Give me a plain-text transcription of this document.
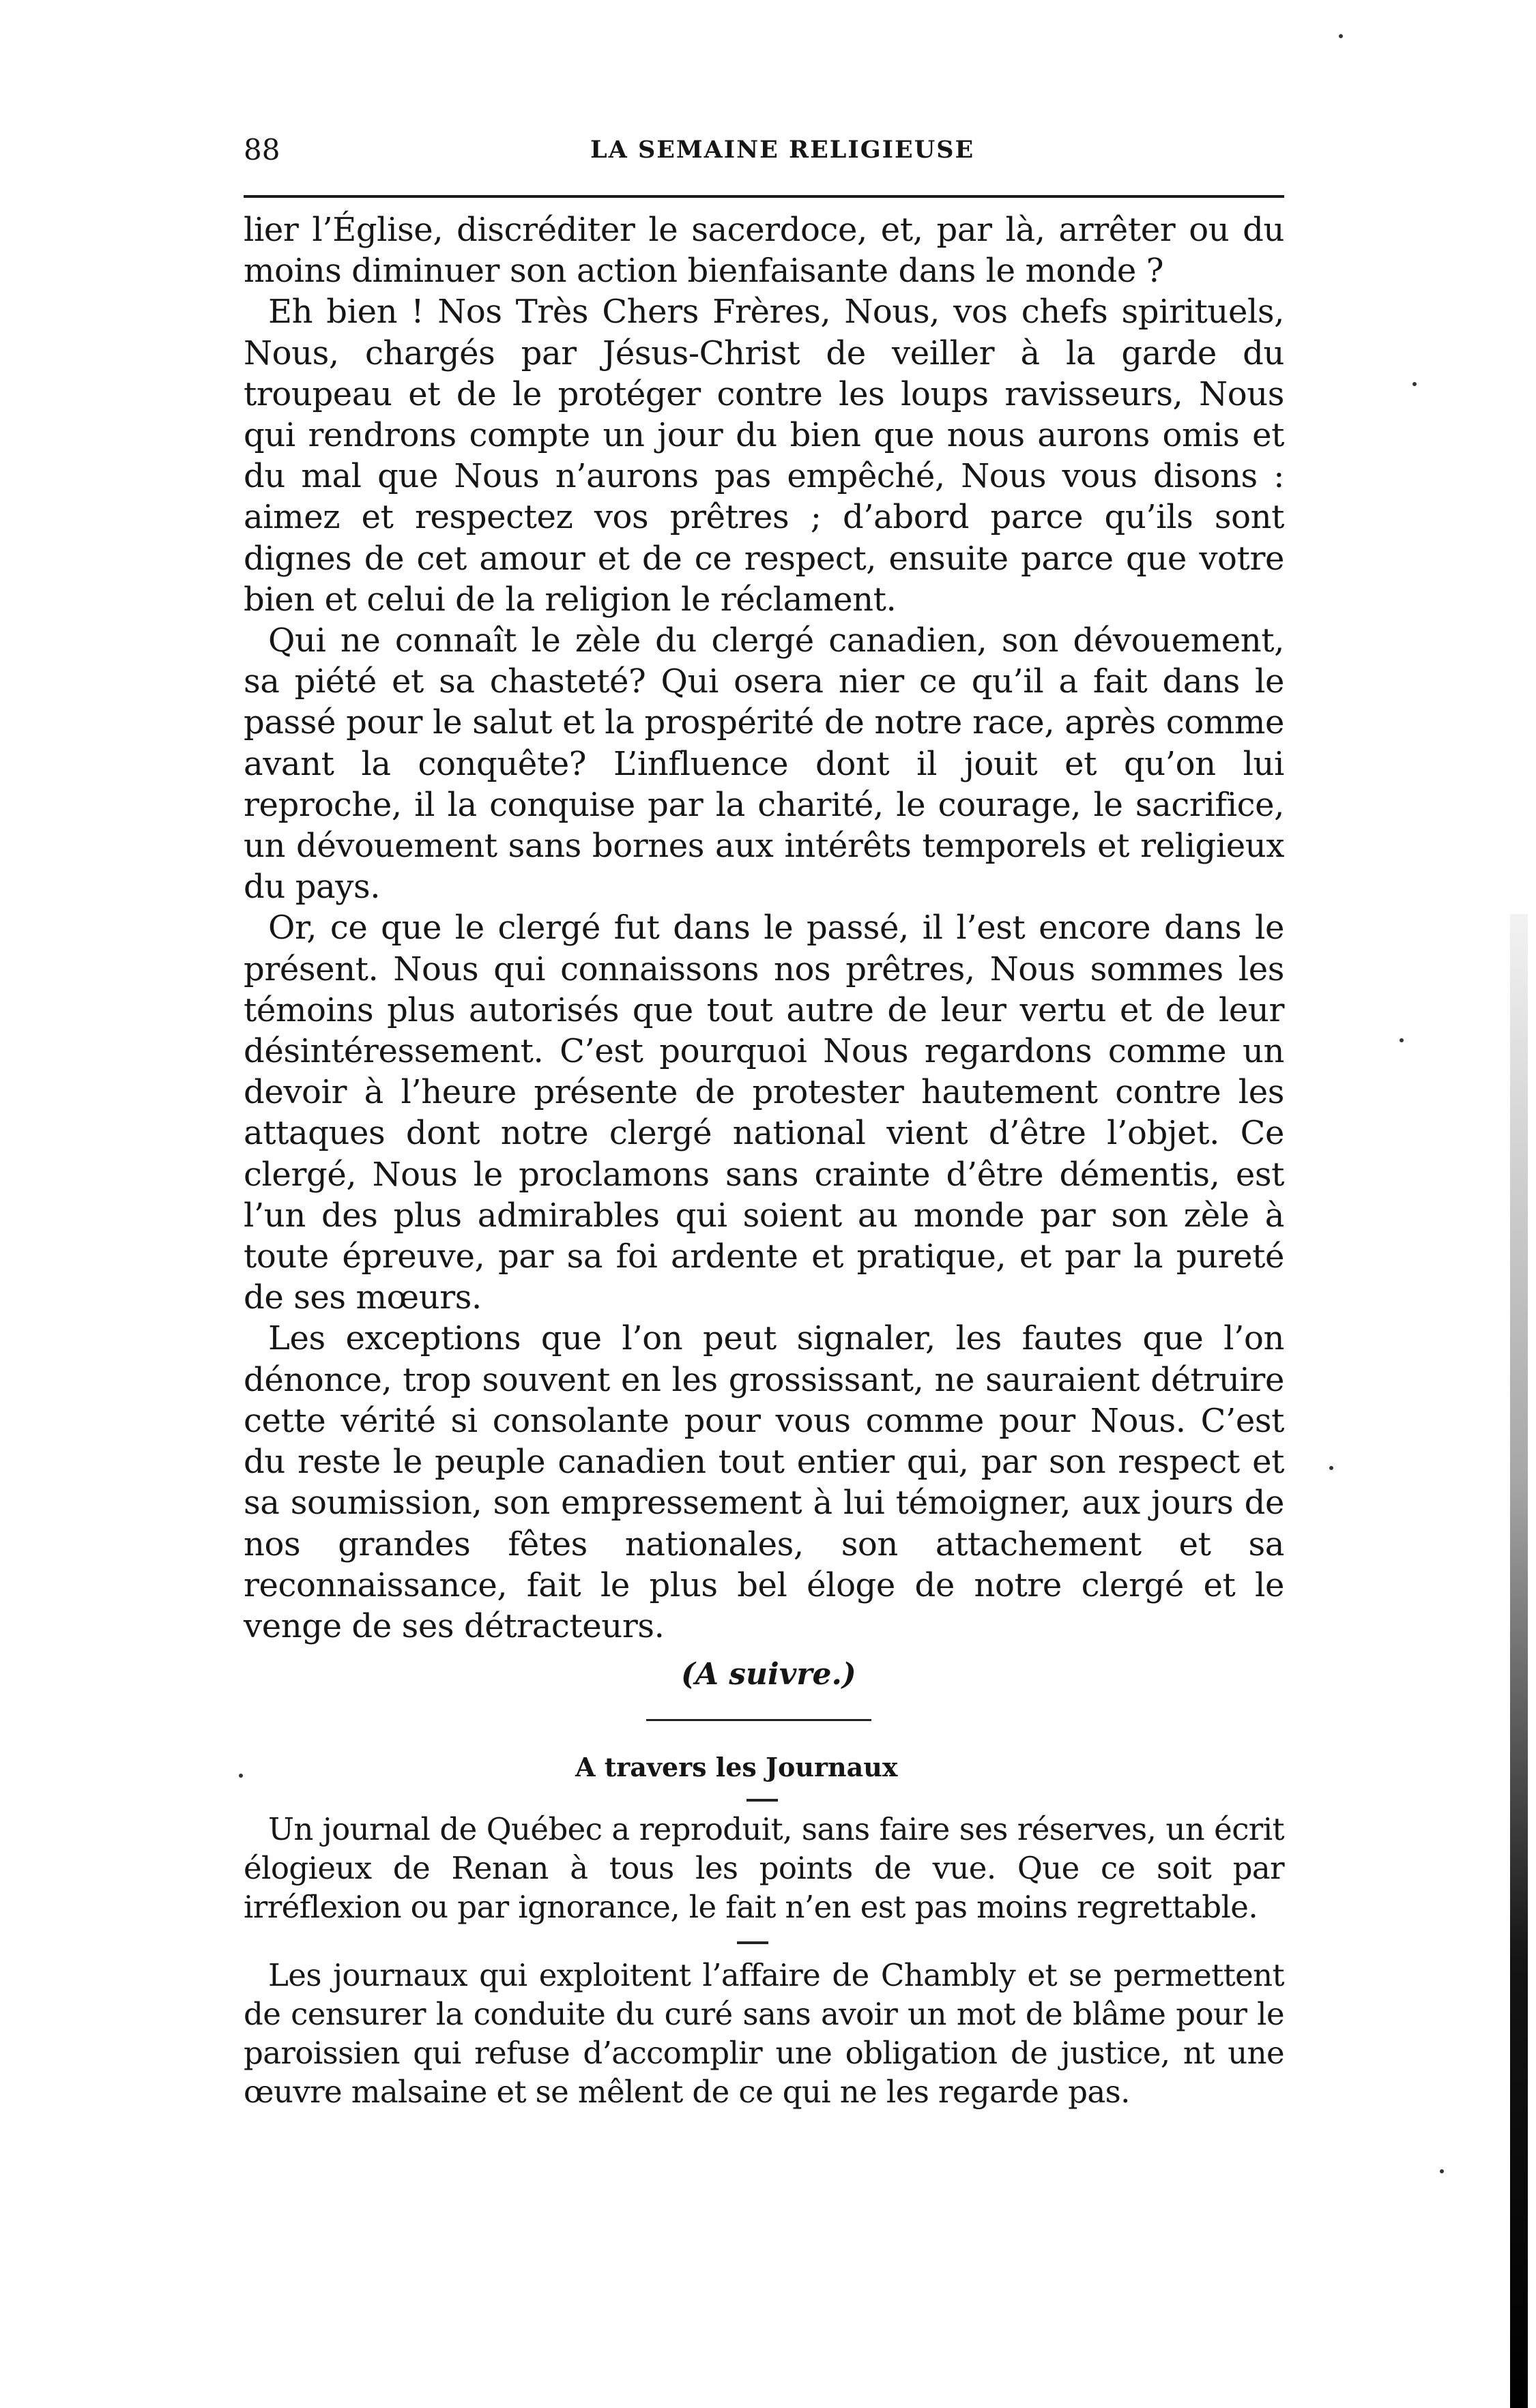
88	LA SEMAINE RELIGIEUSE

lier l’Église, discréditer le sacerdoce, et, par là, arrêter ou du moins diminuer son action bienfaisante dans le monde ?

Eh bien ! Nos Très Chers Frères, Nous, vos chefs spirituels, Nous, chargés par Jésus-Christ de veiller à la garde du troupeau et de le protéger contre les loups ravisseurs, Nous qui rendrons compte un jour du bien que nous aurons omis et du mal que Nous n’aurons pas empêché, Nous vous disons : aimez et respectez vos prêtres ; d’abord parce qu’ils sont dignes de cet amour et de ce respect, ensuite parce que votre bien et celui de la religion le réclament.

Qui ne connaît le zèle du clergé canadien, son dévouement, sa piété et sa chasteté? Qui osera nier ce qu’il a fait dans le passé pour le salut et la prospérité de notre race, après comme avant la conquête? L’influence dont il jouit et qu’on lui reproche, il la conquise par la charité, le courage, le sacrifice, un dévouement sans bornes aux intérêts temporels et religieux du pays.

Or, ce que le clergé fut dans le passé, il l’est encore dans le présent. Nous qui connaissons nos prêtres, Nous sommes les témoins plus autorisés que tout autre de leur vertu et de leur désintéressement. C’est pourquoi Nous regardons comme un devoir à l’heure présente de protester hautement contre les attaques dont notre clergé national vient d’être l’objet. Ce clergé, Nous le proclamons sans crainte d’être démentis, est l’un des plus admirables qui soient au monde par son zèle à toute épreuve, par sa foi ardente et pratique, et par la pureté de ses mœurs.

Les exceptions que l’on peut signaler, les fautes que l’on dénonce, trop souvent en les grossissant, ne sauraient détruire cette vérité si consolante pour vous comme pour Nous. C’est du reste le peuple canadien tout entier qui, par son respect et sa soumission, son empressement à lui témoigner, aux jours de nos grandes fêtes nationales, son attachement et sa reconnaissance, fait le plus bel éloge de notre clergé et le venge de ses détracteurs.

(A suivre.)
A travers les Journaux

Un journal de Québec a reproduit, sans faire ses réserves, un écrit élogieux de Renan à tous les points de vue. Que ce soit par irréflexion ou par ignorance, le fait n’en est pas moins regrettable.

Les journaux qui exploitent l’affaire de Chambly et se permettent de censurer la conduite du curé sans avoir un mot de blâme pour le paroissien qui refuse d’accomplir une obligation de justice, nt une œuvre malsaine et se mêlent de ce qui ne les regarde pas.
